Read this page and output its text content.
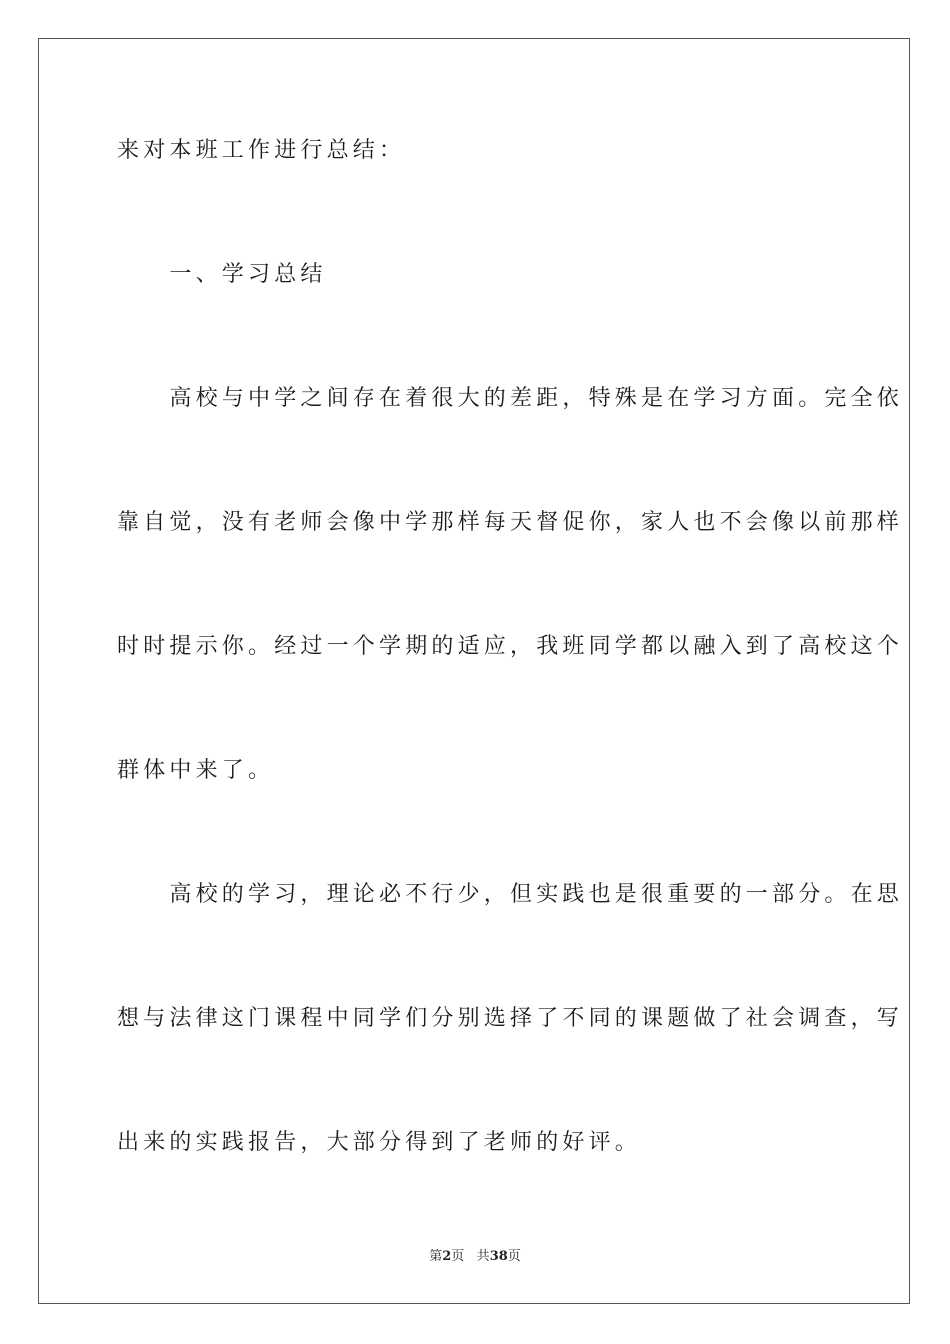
来对本班工作进行总结：

　　一、学习总结

　　高校与中学之间存在着很大的差距，特殊是在学习方面。完全依

靠自觉，没有老师会像中学那样每天督促你，家人也不会像以前那样

时时提示你。经过一个学期的适应，我班同学都以融入到了高校这个

群体中来了。

　　高校的学习，理论必不行少，但实践也是很重要的一部分。在思

想与法律这门课程中同学们分别选择了不同的课题做了社会调查，写

出来的实践报告，大部分得到了老师的好评。

第2页 共38页
